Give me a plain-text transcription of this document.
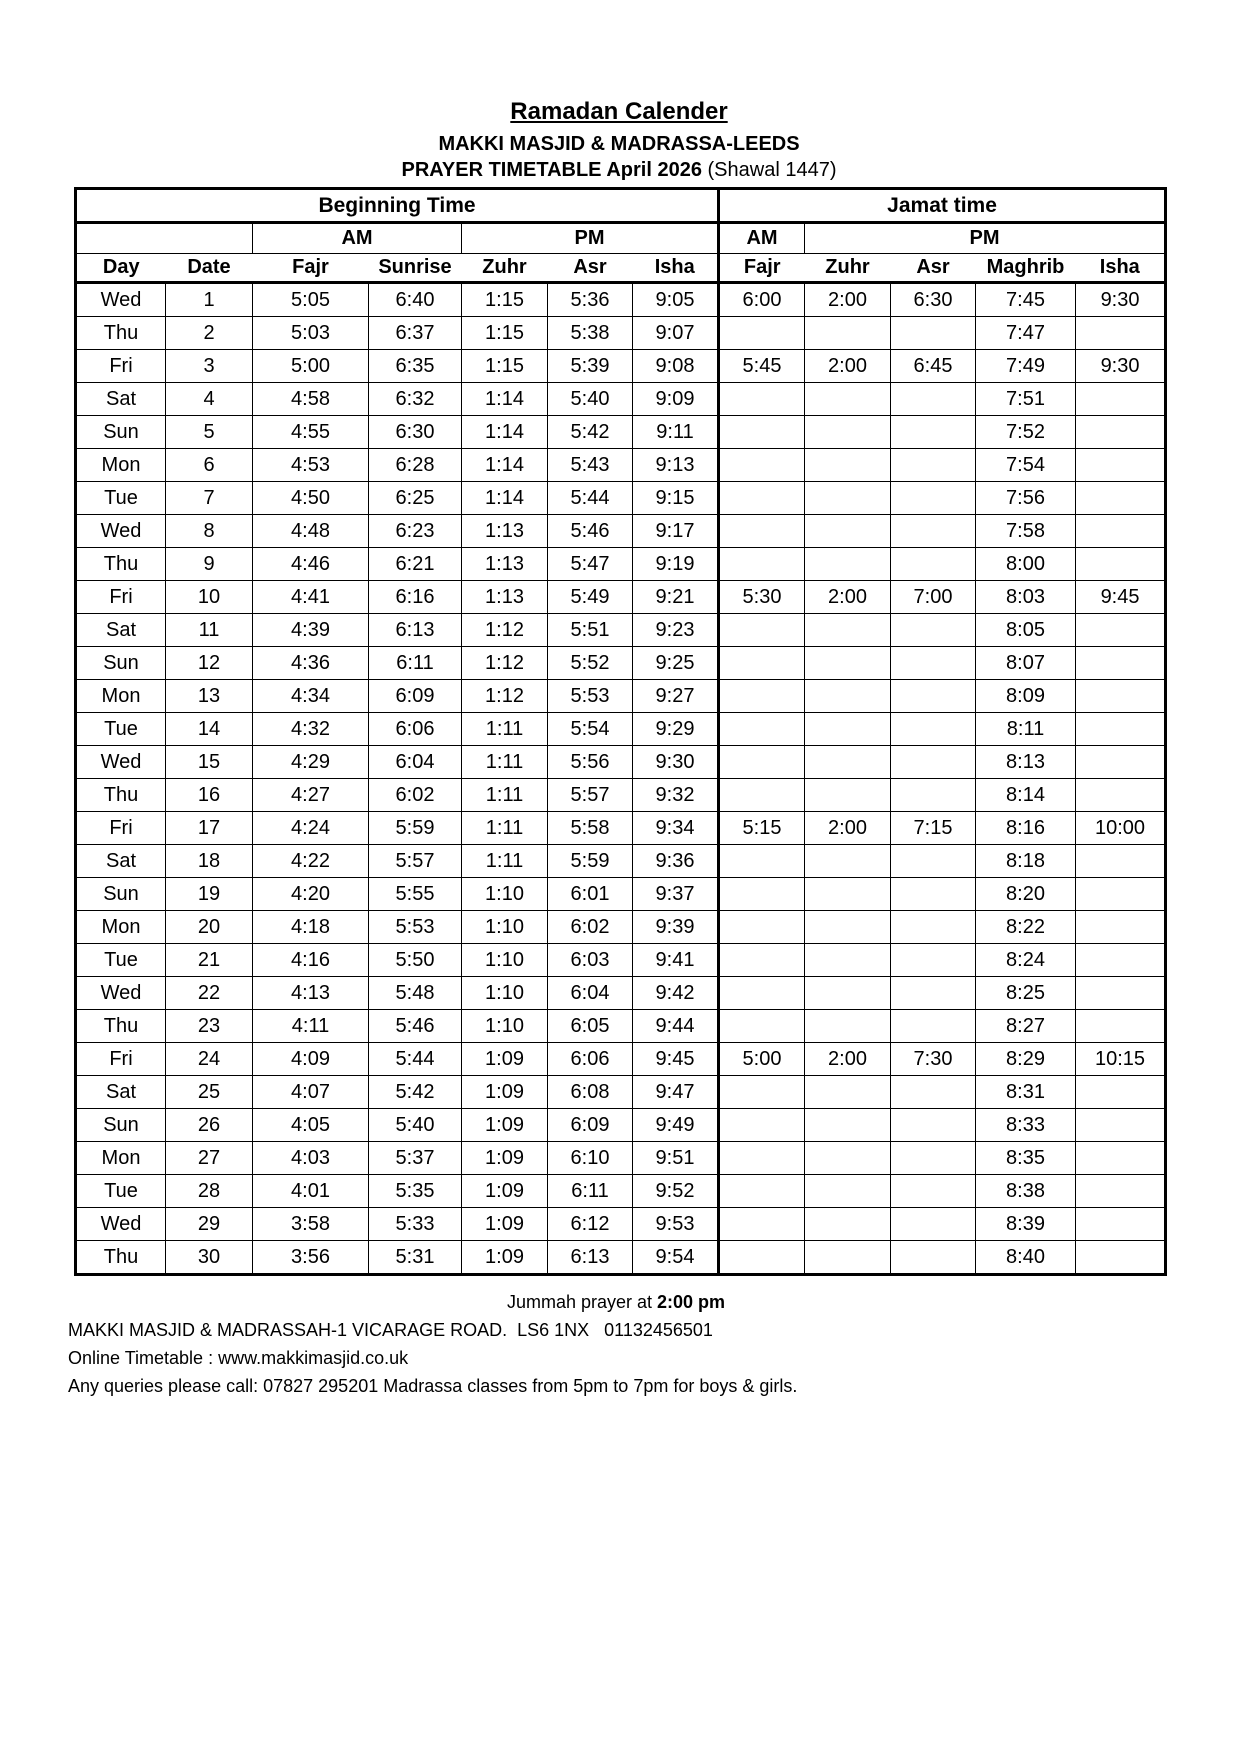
Ramadan Calender
MAKKI MASJID & MADRASSA-LEEDS
PRAYER TIMETABLE April 2026 (Shawal 1447)
Beginning Time							Jamat time				
		AM		PM			AM	PM			
Day	Date	Fajr	Sunrise	Zuhr	Asr	Isha	Fajr	Zuhr	Asr	Maghrib	Isha
Wed	1	5:05	6:40	1:15	5:36	9:05	6:00	2:00	6:30	7:45	9:30
Thu	2	5:03	6:37	1:15	5:38	9:07				7:47	
Fri	3	5:00	6:35	1:15	5:39	9:08	5:45	2:00	6:45	7:49	9:30
Sat	4	4:58	6:32	1:14	5:40	9:09				7:51	
Sun	5	4:55	6:30	1:14	5:42	9:11				7:52	
Mon	6	4:53	6:28	1:14	5:43	9:13				7:54	
Tue	7	4:50	6:25	1:14	5:44	9:15				7:56	
Wed	8	4:48	6:23	1:13	5:46	9:17				7:58	
Thu	9	4:46	6:21	1:13	5:47	9:19				8:00	
Fri	10	4:41	6:16	1:13	5:49	9:21	5:30	2:00	7:00	8:03	9:45
Sat	11	4:39	6:13	1:12	5:51	9:23				8:05	
Sun	12	4:36	6:11	1:12	5:52	9:25				8:07	
Mon	13	4:34	6:09	1:12	5:53	9:27				8:09	
Tue	14	4:32	6:06	1:11	5:54	9:29				8:11	
Wed	15	4:29	6:04	1:11	5:56	9:30				8:13	
Thu	16	4:27	6:02	1:11	5:57	9:32				8:14	
Fri	17	4:24	5:59	1:11	5:58	9:34	5:15	2:00	7:15	8:16	10:00
Sat	18	4:22	5:57	1:11	5:59	9:36				8:18	
Sun	19	4:20	5:55	1:10	6:01	9:37				8:20	
Mon	20	4:18	5:53	1:10	6:02	9:39				8:22	
Tue	21	4:16	5:50	1:10	6:03	9:41				8:24	
Wed	22	4:13	5:48	1:10	6:04	9:42				8:25	
Thu	23	4:11	5:46	1:10	6:05	9:44				8:27	
Fri	24	4:09	5:44	1:09	6:06	9:45	5:00	2:00	7:30	8:29	10:15
Sat	25	4:07	5:42	1:09	6:08	9:47				8:31	
Sun	26	4:05	5:40	1:09	6:09	9:49				8:33	
Mon	27	4:03	5:37	1:09	6:10	9:51				8:35	
Tue	28	4:01	5:35	1:09	6:11	9:52				8:38	
Wed	29	3:58	5:33	1:09	6:12	9:53				8:39	
Thu	30	3:56	5:31	1:09	6:13	9:54				8:40	
Jummah prayer at 2:00 pm
MAKKI MASJID & MADRASSAH-1 VICARAGE ROAD.  LS6 1NX   01132456501
Online Timetable : www.makkimasjid.co.uk
Any queries please call: 07827 295201 Madrassa classes from 5pm to 7pm for boys & girls.
